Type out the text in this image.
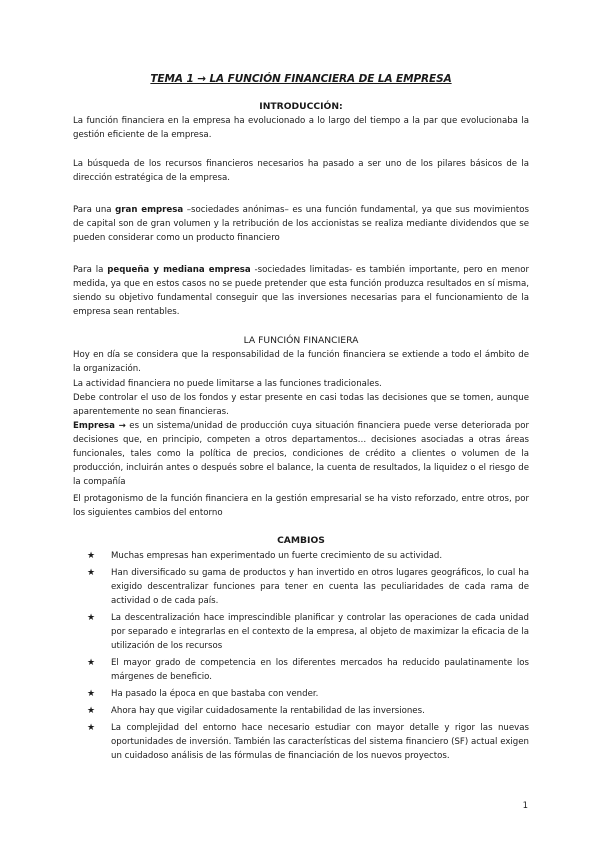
TEMA 1 → LA FUNCIÓN FINANCIERA DE LA EMPRESA
INTRODUCCIÓN:

La función financiera en la empresa ha evolucionado a lo largo del tiempo a la par que evolucionaba la gestión eficiente de la empresa.

La búsqueda de los recursos financieros necesarios ha pasado a ser uno de los pilares básicos de la dirección estratégica de la empresa.

Para una gran empresa –sociedades anónimas– es una función fundamental, ya que sus movimientos de capital son de gran volumen y la retribución de los accionistas se realiza mediante dividendos que se pueden considerar como un producto financiero

Para la pequeña y mediana empresa -sociedades limitadas- es también importante, pero en menor medida, ya que en estos casos no se puede pretender que esta función produzca resultados en sí misma, siendo su objetivo fundamental conseguir que las inversiones necesarias para el funcionamiento de la empresa sean rentables.

LA FUNCIÓN FINANCIERA

Hoy en día se considera que la responsabilidad de la función financiera se extiende a todo el ámbito de la organización.

La actividad financiera no puede limitarse a las funciones tradicionales.

Debe controlar el uso de los fondos y estar presente en casi todas las decisiones que se tomen, aunque aparentemente no sean financieras.

Empresa → es un sistema/unidad de producción cuya situación financiera puede verse deteriorada por decisiones que, en principio, competen a otros departamentos… decisiones asociadas a otras áreas funcionales, tales como la política de precios, condiciones de crédito a clientes o volumen de la producción, incluirán antes o después sobre el balance, la cuenta de resultados, la liquidez o el riesgo de la compañía

El protagonismo de la función financiera en la gestión empresarial se ha visto reforzado, entre otros, por los siguientes cambios del entorno

CAMBIOS
★ Muchas empresas han experimentado un fuerte crecimiento de su actividad.
★ Han diversificado su gama de productos y han invertido en otros lugares geográficos, lo cual ha exigido descentralizar funciones para tener en cuenta las peculiaridades de cada rama de actividad o de cada país.
★ La descentralización hace imprescindible planificar y controlar las operaciones de cada unidad por separado e integrarlas en el contexto de la empresa, al objeto de maximizar la eficacia de la utilización de los recursos
★ El mayor grado de competencia en los diferentes mercados ha reducido paulatinamente los márgenes de beneficio.
★ Ha pasado la época en que bastaba con vender.
★ Ahora hay que vigilar cuidadosamente la rentabilidad de las inversiones.
★ La complejidad del entorno hace necesario estudiar con mayor detalle y rigor las nuevas oportunidades de inversión. También las características del sistema financiero (SF) actual exigen un cuidadoso análisis de las fórmulas de financiación de los nuevos proyectos.
1
